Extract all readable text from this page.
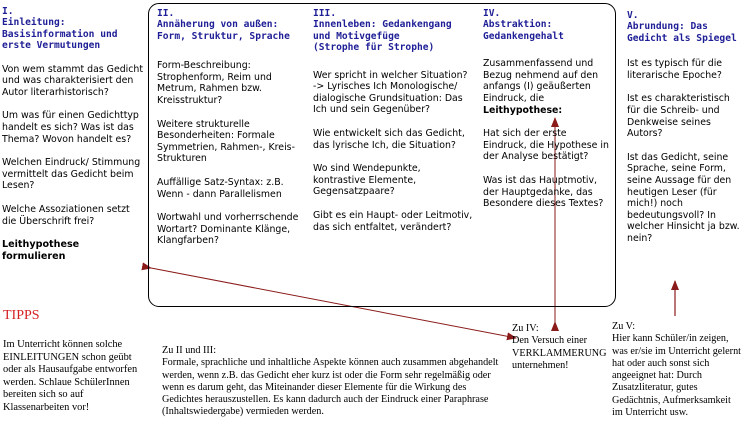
I.
Einleitung:
Basisinformation und erste Vermutungen
Von wem stammt das Gedicht und was charakterisiert den Autor literarhistorisch?
Um was für einen Gedichttyp handelt es sich? Was ist das Thema? Wovon handelt es?
Welchen Eindruck/ Stimmung vermittelt das Gedicht beim Lesen?
Welche Assoziationen setzt die Überschrift frei?
Leithypothese formulieren
II.
Annäherung von außen: Form, Struktur, Sprache
Form-Beschreibung: Strophenform, Reim und Metrum, Rahmen bzw. Kreisstruktur?
Weitere strukturelle Besonderheiten: Formale Symmetrien, Rahmen-, Kreis-Strukturen
Auffällige Satz-Syntax: z.B. Wenn - dann Parallelismen
Wortwahl und vorherrschende Wortart? Dominante Klänge, Klangfarben?
III.
Innenleben: Gedankengang und Motivgefüge
(Strophe für Strophe)
Wer spricht in welcher Situation? -> Lyrisches Ich Monologische/ dialogische Grundsituation: Das Ich und sein Gegenüber?
Wie entwickelt sich das Gedicht, das lyrische Ich, die Situation?
Wo sind Wendepunkte, kontrastive Elemente, Gegensatzpaare?
Gibt es ein Haupt- oder Leitmotiv, das sich entfaltet, verändert?
IV.
Abstraktion: Gedankengehalt
Zusammenfassend und Bezug nehmend auf den anfangs (I) geäußerten Eindruck, die Leithypothese:
Hat sich der erste Eindruck, die Hypothese in der Analyse bestätigt?
Was ist das Hauptmotiv, der Hauptgedanke, das Besondere dieses Textes?
V.
Abrundung: Das Gedicht als Spiegel
Ist es typisch für die literarische Epoche?
Ist es charakteristisch für die Schreib- und Denkweise seines Autors?
Ist das Gedicht, seine Sprache, seine Form, seine Aussage für den heutigen Leser (für mich!) noch bedeutungsvoll? In welcher Hinsicht ja bzw. nein?
TIPPS
Im Unterricht können solche EINLEITUNGEN schon geübt oder als Hausaufgabe entworfen werden. Schlaue SchülerInnen bereiten sich so auf Klassenarbeiten vor!
Zu II und III:
Formale, sprachliche und inhaltliche Aspekte können auch zusammen abgehandelt werden, wenn z.B. das Gedicht eher kurz ist oder die Form sehr regelmäßig oder wenn es darum geht, das Miteinander dieser Elemente für die Wirkung des Gedichtes herauszustellen. Es kann dadurch auch der Eindruck einer Paraphrase (Inhaltswiedergabe) vermieden werden.
Zu IV:
Den Versuch einer VERKLAMMERUNG unternehmen!
Zu V:
Hier kann Schüler/in zeigen, was er/sie im Unterricht gelernt hat oder auch sonst sich angeeignet hat: Durch Zusatzliteratur, gutes Gedächtnis, Aufmerksamkeit im Unterricht usw.
